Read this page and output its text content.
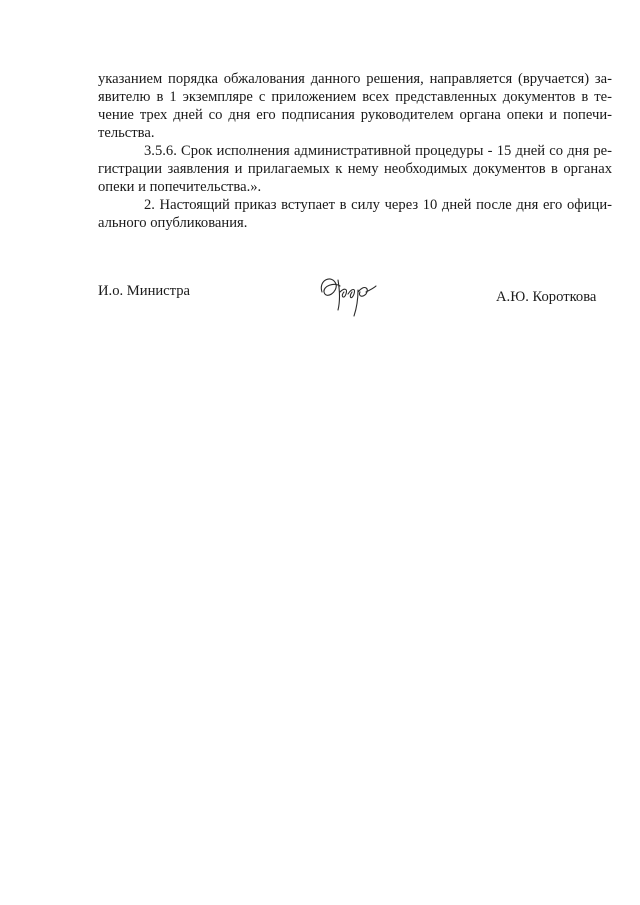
указанием порядка обжалования данного решения, направляется (вручается) за-
явителю в 1 экземпляре с приложением всех представленных документов в те-
чение трех дней со дня его подписания руководителем органа опеки и попечи-
тельства.
3.5.6. Срок исполнения административной процедуры - 15 дней со дня ре-
гистрации заявления и прилагаемых к нему необходимых документов в органах
опеки и попечительства.».
2. Настоящий приказ вступает в силу через 10 дней после дня его офици-
ального опубликования.
И.о. Министра	А.Ю. Короткова
